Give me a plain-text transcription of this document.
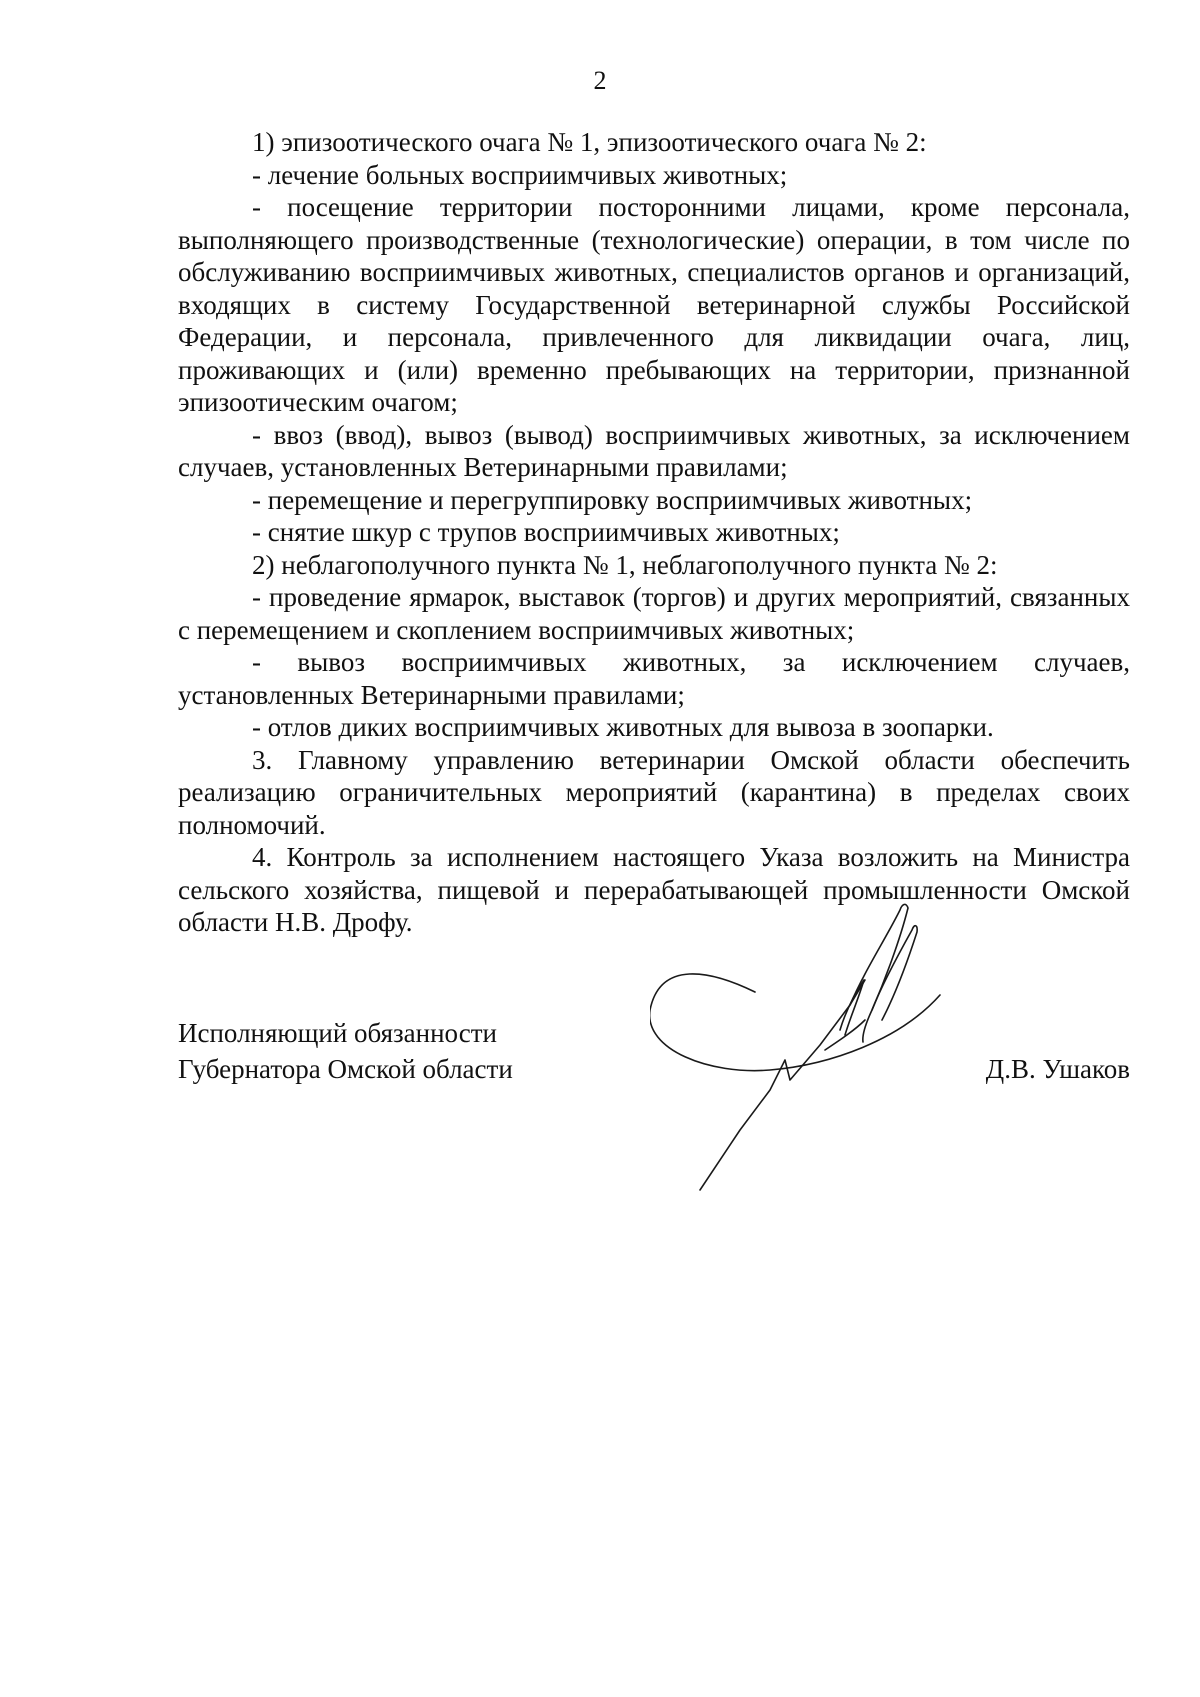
2

1) эпизоотического очага № 1, эпизоотического очага № 2:

- лечение больных восприимчивых животных;

- посещение территории посторонними лицами, кроме персонала, выполняющего производственные (технологические) операции, в том числе по обслуживанию восприимчивых животных, специалистов органов и организаций, входящих в систему Государственной ветеринарной службы Российской Федерации, и персонала, привлеченного для ликвидации очага, лиц, проживающих и (или) временно пребывающих на территории, признанной эпизоотическим очагом;

- ввоз (ввод), вывоз (вывод) восприимчивых животных, за исключением случаев, установленных Ветеринарными правилами;

- перемещение и перегруппировку восприимчивых животных;

- снятие шкур с трупов восприимчивых животных;

2) неблагополучного пункта № 1, неблагополучного пункта № 2:

- проведение ярмарок, выставок (торгов) и других мероприятий, связанных с перемещением и скоплением восприимчивых животных;

- вывоз восприимчивых животных, за исключением случаев, установленных Ветеринарными правилами;

- отлов диких восприимчивых животных для вывоза в зоопарки.

3. Главному управлению ветеринарии Омской области обеспечить реализацию ограничительных мероприятий (карантина) в пределах своих полномочий.

4. Контроль за исполнением настоящего Указа возложить на Министра сельского хозяйства, пищевой и перерабатывающей промышленности Омской области Н.В. Дрофу.

Исполняющий обязанности
Губернатора Омской области	Д.В. Ушаков
